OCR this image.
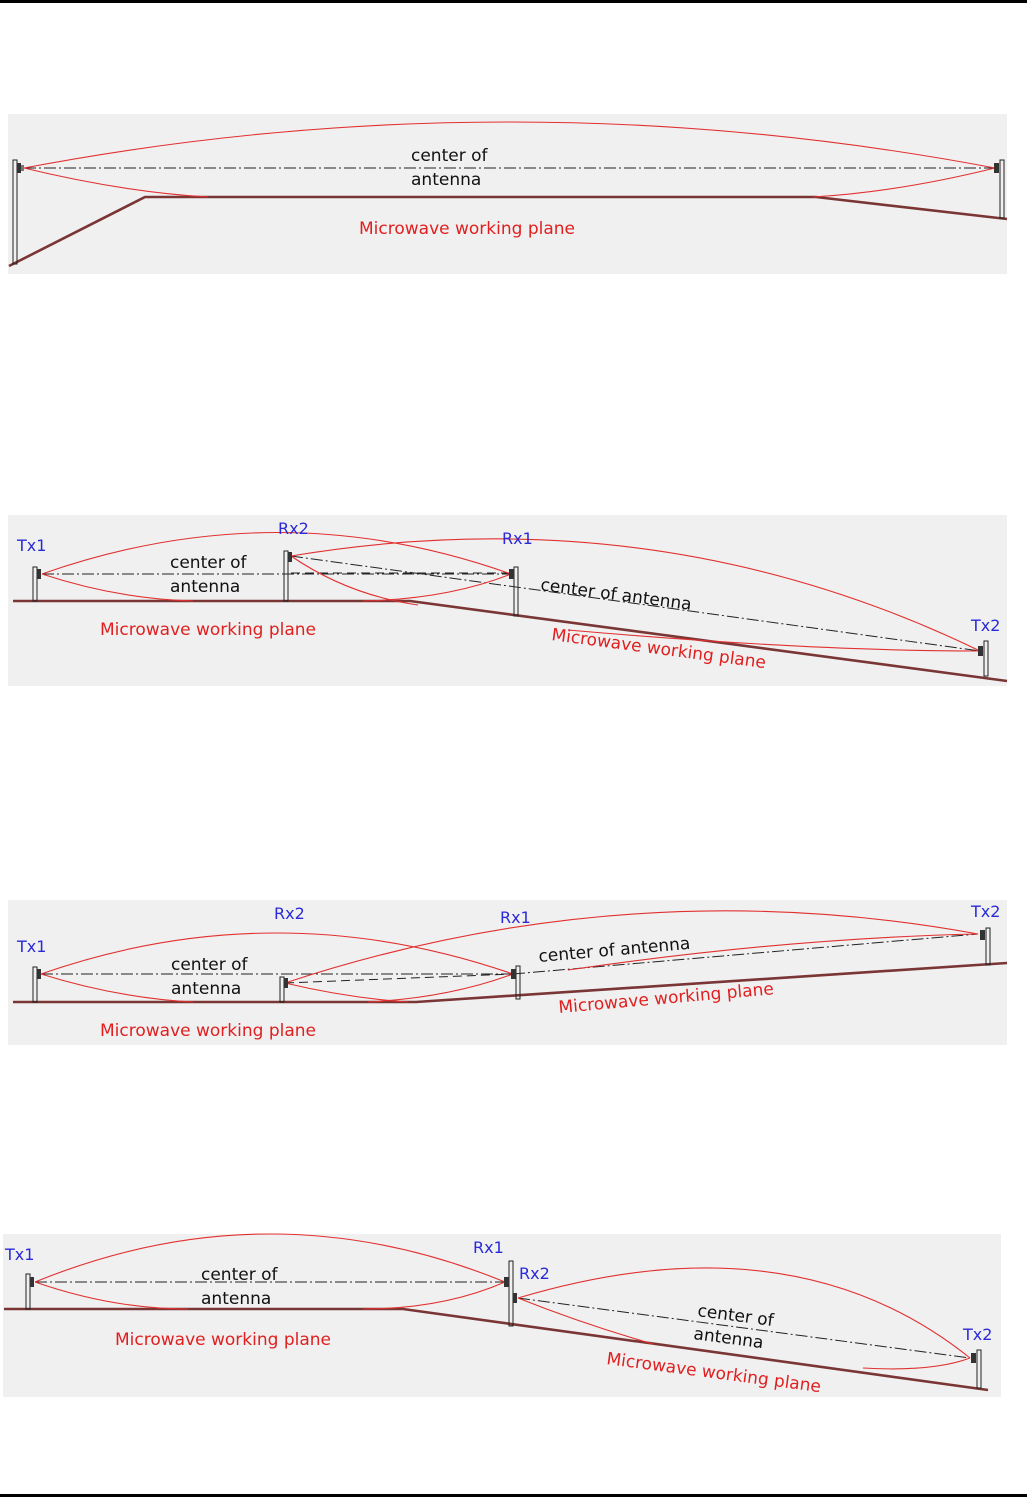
center of
antenna
Microwave working plane
Tx1
Rx2
Rx1
Tx2
center of
antenna	center of antenna
Microwave working plane	Microwave working plane
Tx1
Rx2	Rx1	Tx2
center of
antenna
center of antenna
Microwave working plane
Microwave working plane
Tx1	Rx1
Rx2
Tx2
center of
antenna
center of
antenna
Microwave working plane
Microwave working plane
